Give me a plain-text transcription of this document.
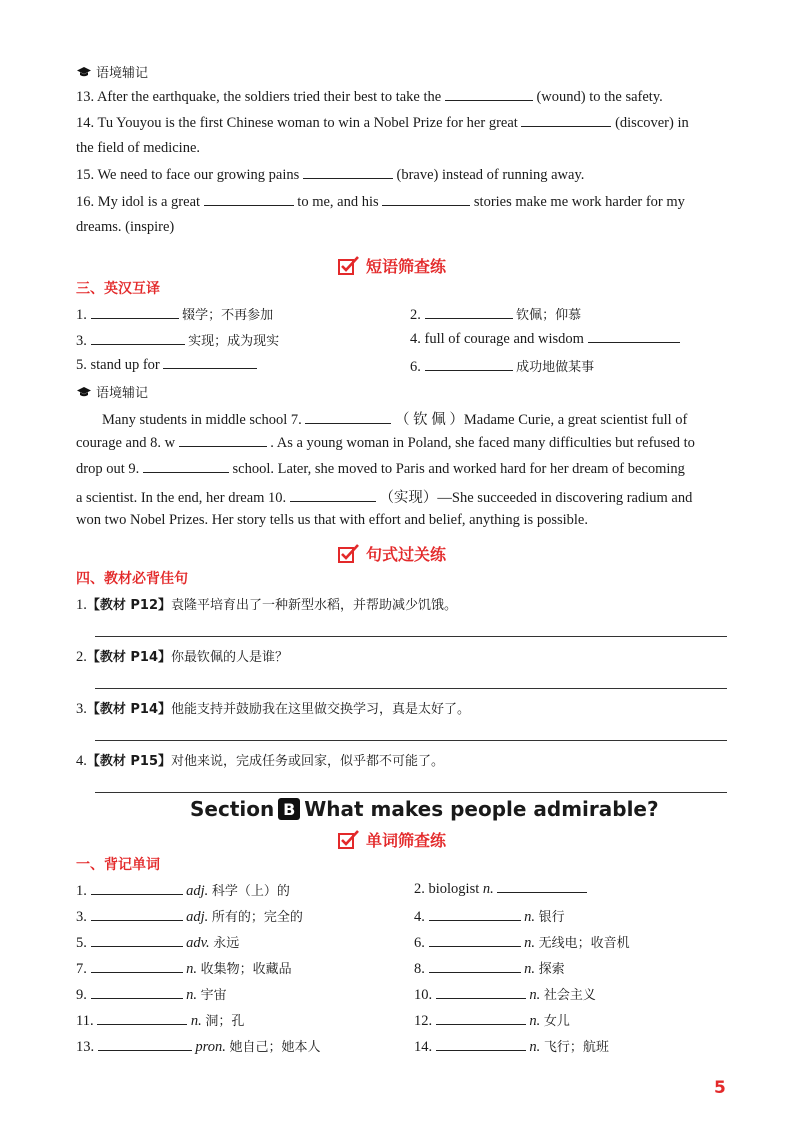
语境辅记
13. After the earthquake, the soldiers tried their best to take the	(wound) to the safety.
14. Tu Youyou is the first Chinese woman to win a Nobel Prize for her great	(discover) in
the field of medicine.
15. We need to face our growing pains	(brave) instead of running away.
16. My idol is a great	to me, and his	stories make me work harder for my
dreams. (inspire)
短语筛查练
三、英汉互译
1.	辍学；不再参加	2.	钦佩；仰慕
3.	实现；成为现实	4. full of courage and wisdom
5. stand up for	6.	成功地做某事
语境辅记
Many students in middle school 7.	（ 钦 佩 ）Madame Curie, a great scientist full of
courage and 8. w	. As a young woman in Poland, she faced many difficulties but refused to
drop out 9.	school. Later, she moved to Paris and worked hard for her dream of becoming
a scientist. In the end, her dream 10.	（实现）—She succeeded in discovering radium and
won two Nobel Prizes. Her story tells us that with effort and belief, anything is possible.
句式过关练
四、教材必背佳句
1.【教材 P12】袁隆平培育出了一种新型水稻，并帮助减少饥饿。
2.【教材 P14】你最钦佩的人是谁？
3.【教材 P14】他能支持并鼓励我在这里做交换学习，真是太好了。
4.【教材 P15】对他来说，完成任务或回家，似乎都不可能了。
Section B What makes people admirable?
单词筛查练
一、背记单词
1.	adj. 科学（上）的	2. biologist n.
3.	adj. 所有的；完全的	4.	n. 银行
5.	adv. 永远	6.	n. 无线电；收音机
7.	n. 收集物；收藏品	8.	n. 探索
9.	n. 宇宙	10.	n. 社会主义
11.	n. 洞；孔	12.	n. 女儿
13.	pron. 她自己；她本人	14.	n. 飞行；航班
5
